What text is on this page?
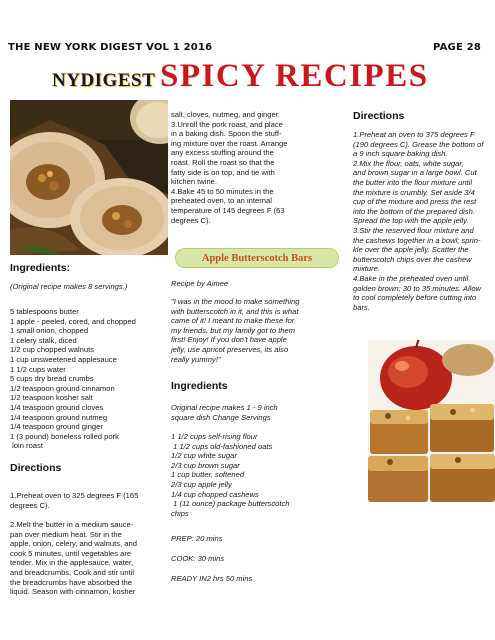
THE NEW YORK DIGEST VOL 1 2016	PAGE 28
NYDIGEST SPICY RECIPES
Ingredients:
(Original recipe makes 8 servings.)
5 tablespoons butter
1 apple - peeled, cored, and chopped
1 small onion, chopped
1 celery stalk, diced
1/2 cup chopped walnuts
1 cup unsweetened applesauce
1 1/2 cups water
5 cups dry bread crumbs
1/2 teaspoon ground cinnamon
1/2 teaspoon kosher salt
1/4 teaspoon ground cloves
1/4 teaspoon ground nutmeg
1/4 teaspoon ground ginger
1 (3 pound) boneless rolled pork
loin roast
Directions
1.Preheat oven to 325 degrees F (165
degrees C).
2.Melt the butter in a medium sauce-
pan over medium heat. Stir in the
apple, onion, celery, and walnuts, and
cook 5 minutes, until vegetables are
tender. Mix in the applesauce, water,
and breadcrumbs. Cook and stir until
the breadcrumbs have absorbed the
liquid. Season with cinnamon, kosher
salt, cloves, nutmeg, and ginger.
3.Unroll the pork roast, and place
in a baking dish. Spoon the stuff-
ing mixture over the roast. Arrange
any excess stuffing around the
roast. Roll the roast so that the
fatty side is on top, and tie with
kitchen twine.
4.Bake 45 to 50 minutes in the
preheated oven, to an internal
temperature of 145 degrees F (63
degrees C).
Apple Butterscotch Bars
Recipe by Aimee
"I was in the mood to make something
with butterscotch in it, and this is what
came of it! I meant to make these for
my friends, but my family got to them
first! Enjoy! If you don't have apple
jelly, use apricot preserves, its also
really yummy!"
Ingredients
Original recipe makes 1 - 9 inch
square dish Change Servings
1 1/2 cups self-rising flour
1 1/2 cups old-fashioned oats
1/2 cup white sugar
2/3 cup brown sugar
1 cup butter, softened
2/3 cup apple jelly
1/4 cup chopped cashews
1 (11 ounce) package butterscotch
chips
PREP: 20 mins
COOK: 30 mins
READY IN2 hrs 50 mins
Directions
1.Preheat an oven to 375 degrees F
(190 degrees C). Grease the bottom of
a 9 inch square baking dish.
2.Mix the flour, oats, white sugar,
and brown sugar in a large bowl. Cut
the butter into the flour mixture until
the mixture is crumbly. Set aside 3/4
cup of the mixture and press the rest
into the bottom of the prepared dish.
Spread the top with the apple jelly.
3.Stir the reserved flour mixture and
the cashews together in a bowl; sprin-
kle over the apple jelly. Scatter the
butterscotch chips over the cashew
mixture.
4.Bake in the preheated oven until
golden brown; 30 to 35 minutes. Allow
to cool completely before cutting into
bars.
